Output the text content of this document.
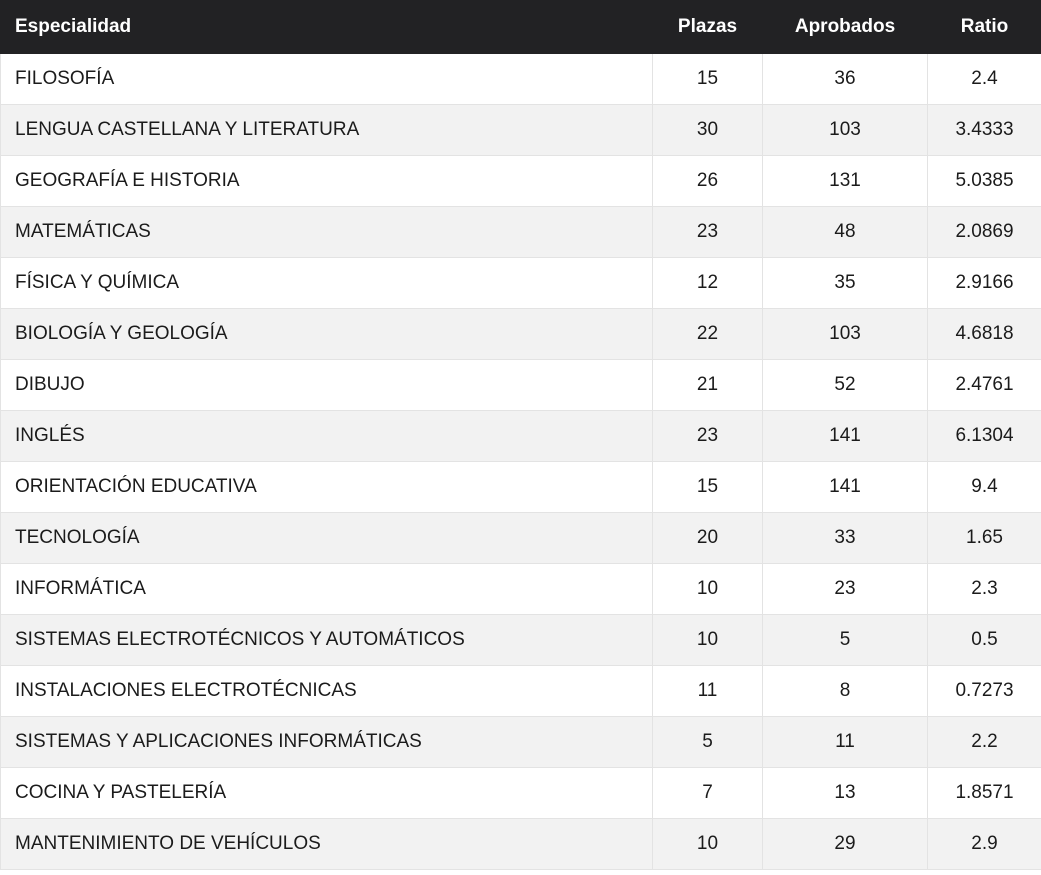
Especialidad	Plazas	Aprobados	Ratio
FILOSOFÍA	15	36	2.4
LENGUA CASTELLANA Y LITERATURA	30	103	3.4333
GEOGRAFÍA E HISTORIA	26	131	5.0385
MATEMÁTICAS	23	48	2.0869
FÍSICA Y QUÍMICA	12	35	2.9166
BIOLOGÍA Y GEOLOGÍA	22	103	4.6818
DIBUJO	21	52	2.4761
INGLÉS	23	141	6.1304
ORIENTACIÓN EDUCATIVA	15	141	9.4
TECNOLOGÍA	20	33	1.65
INFORMÁTICA	10	23	2.3
SISTEMAS ELECTROTÉCNICOS Y AUTOMÁTICOS	10	5	0.5
INSTALACIONES ELECTROTÉCNICAS	11	8	0.7273
SISTEMAS Y APLICACIONES INFORMÁTICAS	5	11	2.2
COCINA Y PASTELERÍA	7	13	1.8571
MANTENIMIENTO DE VEHÍCULOS	10	29	2.9
